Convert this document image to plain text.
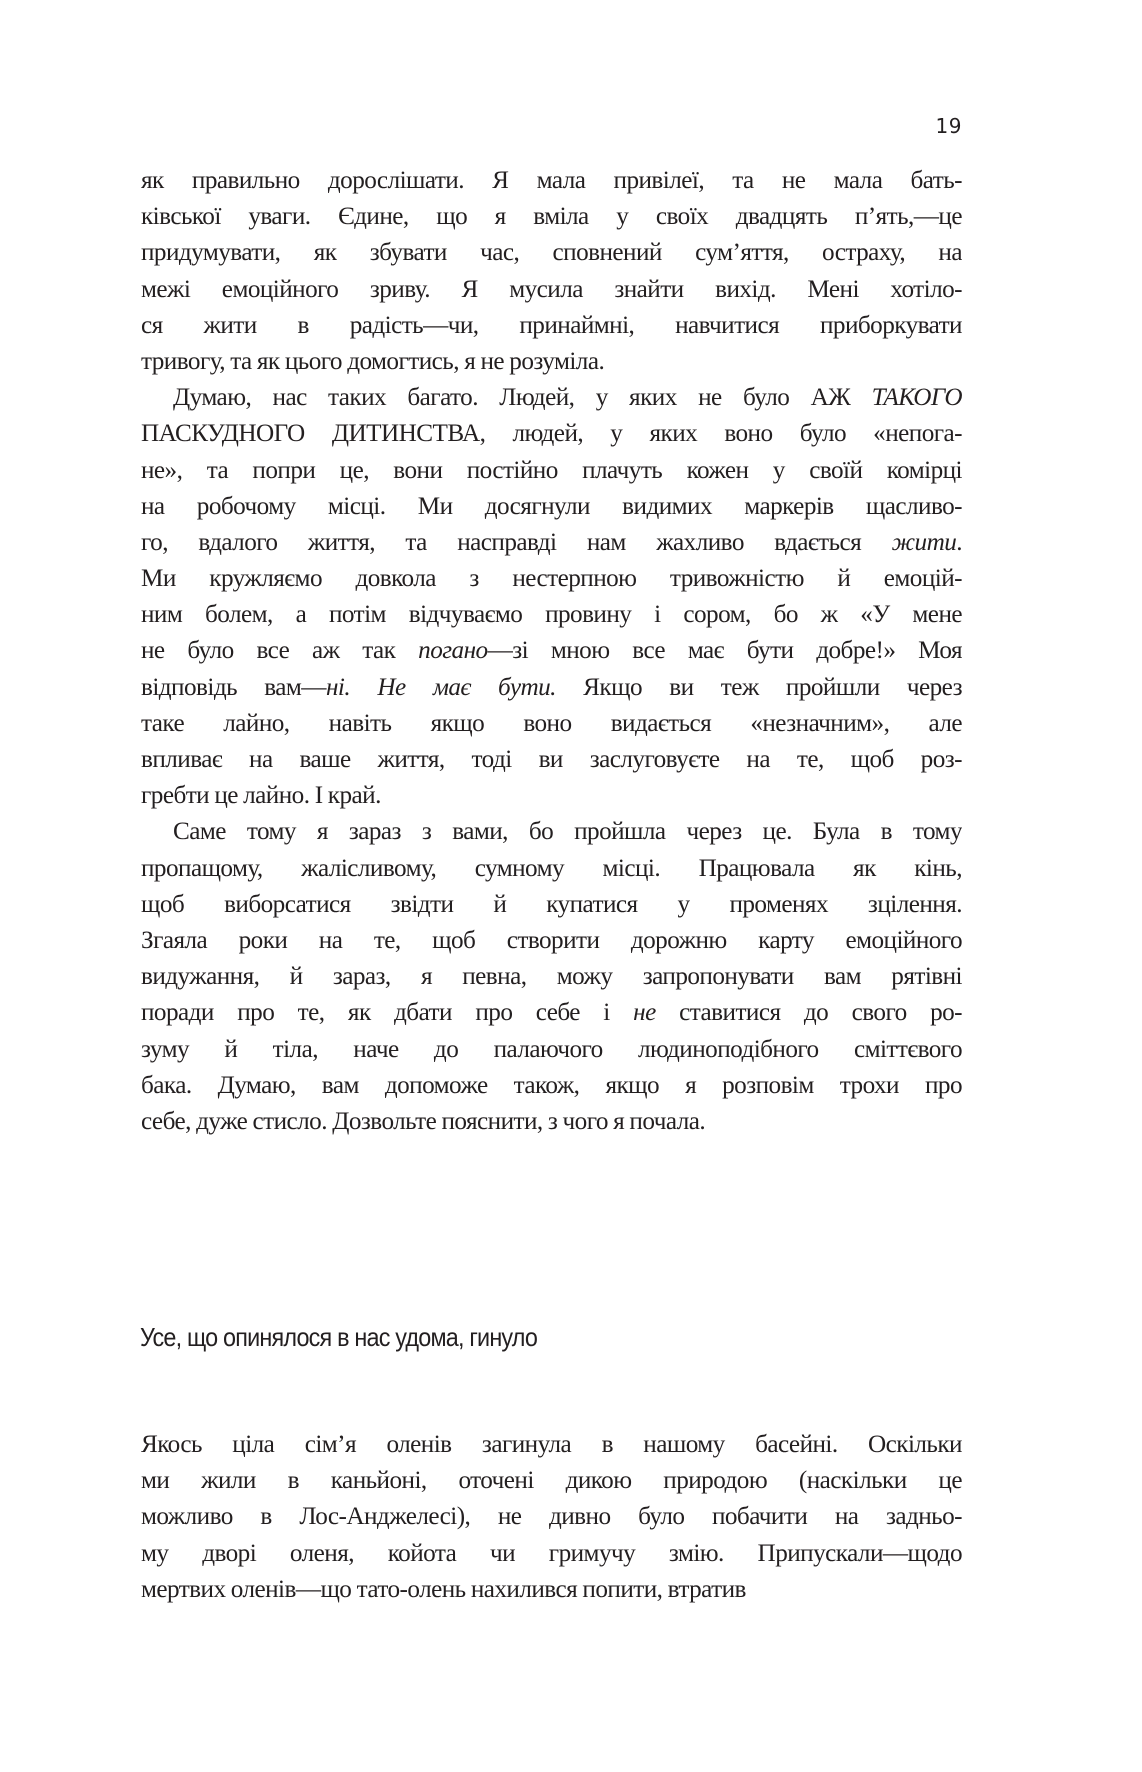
19
як правильно дорослішати. Я мала привілеї, та не мала бать-
ківської уваги. Єдине, що я вміла у своїх двадцять п’ять,—це
придумувати, як збувати час, сповнений сум’яття, остраху, на
межі емоційного зриву. Я мусила знайти вихід. Мені хотіло-
ся жити в радість—чи, принаймні, навчитися приборкувати
тривогу, та як цього домогтись, я не розуміла.
Думаю, нас таких багато. Людей, у яких не було АЖ ТАКОГО
ПАСКУДНОГО ДИТИНСТВА, людей, у яких воно було «непога-
не», та попри це, вони постійно плачуть кожен у своїй комірці
на робочому місці. Ми досягнули видимих маркерів щасливо-
го, вдалого життя, та насправді нам жахливо вдається жити.
Ми кружляємо довкола з нестерпною тривожністю й емоцій-
ним болем, а потім відчуваємо провину і сором, бо ж «У мене
не було все аж так погано—зі мною все має бути добре!» Моя
відповідь вам—ні. Не має бути. Якщо ви теж пройшли через
таке лайно, навіть якщо воно видається «незначним», але
впливає на ваше життя, тоді ви заслуговуєте на те, щоб роз-
гребти це лайно. І край.
Саме тому я зараз з вами, бо пройшла через це. Була в тому
пропащому, жалісливому, сумному місці. Працювала як кінь,
щоб виборсатися звідти й купатися у променях зцілення.
Згаяла роки на те, щоб створити дорожню карту емоційного
видужання, й зараз, я певна, можу запропонувати вам рятівні
поради про те, як дбати про себе і не ставитися до свого ро-
зуму й тіла, наче до палаючого людиноподібного сміттєвого
бака. Думаю, вам допоможе також, якщо я розповім трохи про
себе, дуже стисло. Дозвольте пояснити, з чого я почала.
Усе, що опинялося в нас удома, гинуло
Якось ціла сім’я оленів загинула в нашому басейні. Оскільки
ми жили в каньйоні, оточені дикою природою (наскільки це
можливо в Лос-Анджелесі), не дивно було побачити на задньо-
му дворі оленя, койота чи гримучу змію. Припускали—щодо
мертвих оленів—що тато-олень нахилився попити, втратив
